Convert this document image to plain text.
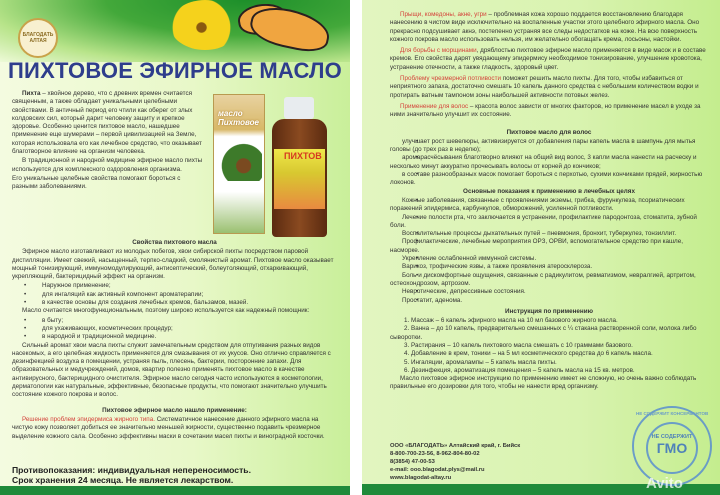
БЛАГОДАТЬ АЛТАЯ
ПИХТОВОЕ ЭФИРНОЕ МАСЛО

Пихта – хвойное дерево, что с древних времен считается священным, а также обладает уникальными целебными свойствами. В античный период его чтили как оберег от злых колдовских сил, который дарит человеку защиту и крепкое здоровье. Особенно ценится пихтовое масло, нашедшее применение еще шумерами – первой цивилизацией на Земле, которая использовала его как лечебное средство, что оказывает благотворное влияние на организм человека.

В традиционной и народной медицине эфирное масло пихты используется для комплексного оздоровления организма.

Его уникальные целебные свойства помогают бороться с разными заболеваниями.

масло Пихтовое
ПИХТОВ

Свойства пихтового масла

Эфирное масло изготавливают из молодых побегов, хвои сибирской пихты посредством паровой дистилляции. Имеет свежий, насыщенный, терпко-сладкий, смолянистый аромат. Пихтовое масло оказывает мощный тонизирующий, иммуномодулирующий, антисептический, болеутоляющий, отхаркивающий, укрепляющий, бактерицидный эффект на организм.

• Наружное применение;
• для ингаляций как активный компонент ароматерапии;
• в качестве основы для создания лечебных кремов, бальзамов, мазей.

Масло считается многофункциональным, поэтому широко используется как надежный помощник:

• в быту;
• для ухаживающих, косметических процедур;
• в народной и традиционной медицине.

Сильный аромат хвои масла пихты служит замечательным средством для отпугивания разных видов насекомых, а его целебная жидкость применяется для смазывания от их укусов. Оно отлично справляется с дезинфекцией воздуха в помещении, устраняя пыль, плесень, бактерии, посторонние запахи. Для образовательных и медучреждений, домов, квартир полезно применять пихтовое масло в качестве антивирусного, бактерицидного очистителя. Эфирное масло сегодня часто используются в косметологии, дерматологии как натуральные, эффективные, безопасные продукты, что помогают значительно улучшить состояние кожного покрова и волос.

Пихтовое эфирное масло нашло применение:

Решение проблем эпидермиса жирного типа. Систематичное нанесение данного эфирного масла на чистую кожу позволяет добиться ее значительно меньшей жирности, существенно подавить чрезмерное выделение кожного сала. Особенно эффективны маски в сочетании масел пихты и виноградной косточки.

Противопоказания: индивидуальная непереносимость.
Срок хранения 24 месяца. Не является лекарством.

Прыщи, комедоны, акне, угри – проблемная кожа хорошо поддается восстановлению благодаря нанесению в чистом виде исключительно на воспаленные участки этого целебного эфирного масла. Оно прекрасно подсушивает акнэ, постепенно устраняя все следы недостатков на коже. На всю поверхность кожного покрова масло использовать нельзя, им желательно обогащать крема, лосьоны, настойки.

Для борьбы с морщинами, дряблостью пихтовое эфирное масло применяется в виде масок и в составе кремов. Его свойства дарят увядающему эпидермису необходимое тонизирование, улучшение кровотока, устранение отечности, а также гладкость, здоровый цвет.

Проблему чрезмерной потливости поможет решить масло пихты. Для того, чтобы избавиться от неприятного запаха, достаточно смешать 10 капель данного средства с небольшим количеством водки и протирать ватным тампоном зоны наибольшей активности потовых желез.

Применение для волос – красота волос зависти от многих факторов, но применение масел в уходе за ними значительно улучшит их состояние.

Пихтовое масло для волос

• улучшает рост шевелюры, активизируется от добавления пары капель масла в шампунь для мытья головы (до трех раз в неделю);
• аромарасчёсывания благотворно влияют на общий вид волос, 3 капли масла нанести на расческу и несколько минут аккуратно прочесывать волосы от корней до кончиков;
• в составе разнообразных масок помогает бороться с перхотью, сухими кончиками прядей, жирностью локонов.

Основные показания к применению в лечебных целях

• Кожные заболевания, связанные с проявлениями экземы, грибка, фурункулеза, псориатических поражений эпидермиса, карбункулов, обморожений, усиленной потливости.
• Лечение полости рта, что заключается в устранении, профилактике пародонтоза, стоматита, зубной боли.
• Воспалительные процессы дыхательных путей – пневмония, бронхит, туберкулез, тонзиллит.
• Профилактические, лечебные мероприятия ОРЗ, ОРВИ, вспомогательное средство при кашле, насморке.
• Укрепление ослабленной иммунной системы.
• Варикоз, трофические язвы, а также проявления атеросклероза.
• Боль и дискомфортные ощущения, связанные с радикулитом, ревматизмом, невралгией, артритом, остеохондрозом, артрозом.
• Невротические, депрессивные состояния.
• Простатит, аденома.

Инструкция по применению

1. Массаж – 6 капель эфирного масла на 10 мл базового жирного масла.
2. Ванна – до 10 капель, предварительно смешанных с ¼ стакана растворенной соли, молока либо сыворотки.
3. Растирания – 10 капель пихтового масла смешать с 10 граммами базового.
4. Добавление в крем, тоники – на 5 мл косметического средства до 6 капель масла.
5. Ингаляции, аромалампы – 5 капель масла пихты.
6. Дезинфекция, ароматизация помещения – 5 капель масла на 15 кв. метров.

Масло пихтовое эфирное инструкцию по применению имеет не сложную, но очень важно соблюдать правильные его дозировки для того, чтобы не нанести вред организму.

ООО «БЛАГОДАТЬ» Алтайский край, г. Бийск
8-800-700-23-56, 8-962-804-80-02
8(3854) 47-00-53
e-mail: ooo.blagodat.plys@mail.ru
www.blagodat-altay.ru
НЕ СОДЕРЖИТ КОНСЕРВАНТОВ
НЕ СОДЕРЖИТ
ГМО
Avito
